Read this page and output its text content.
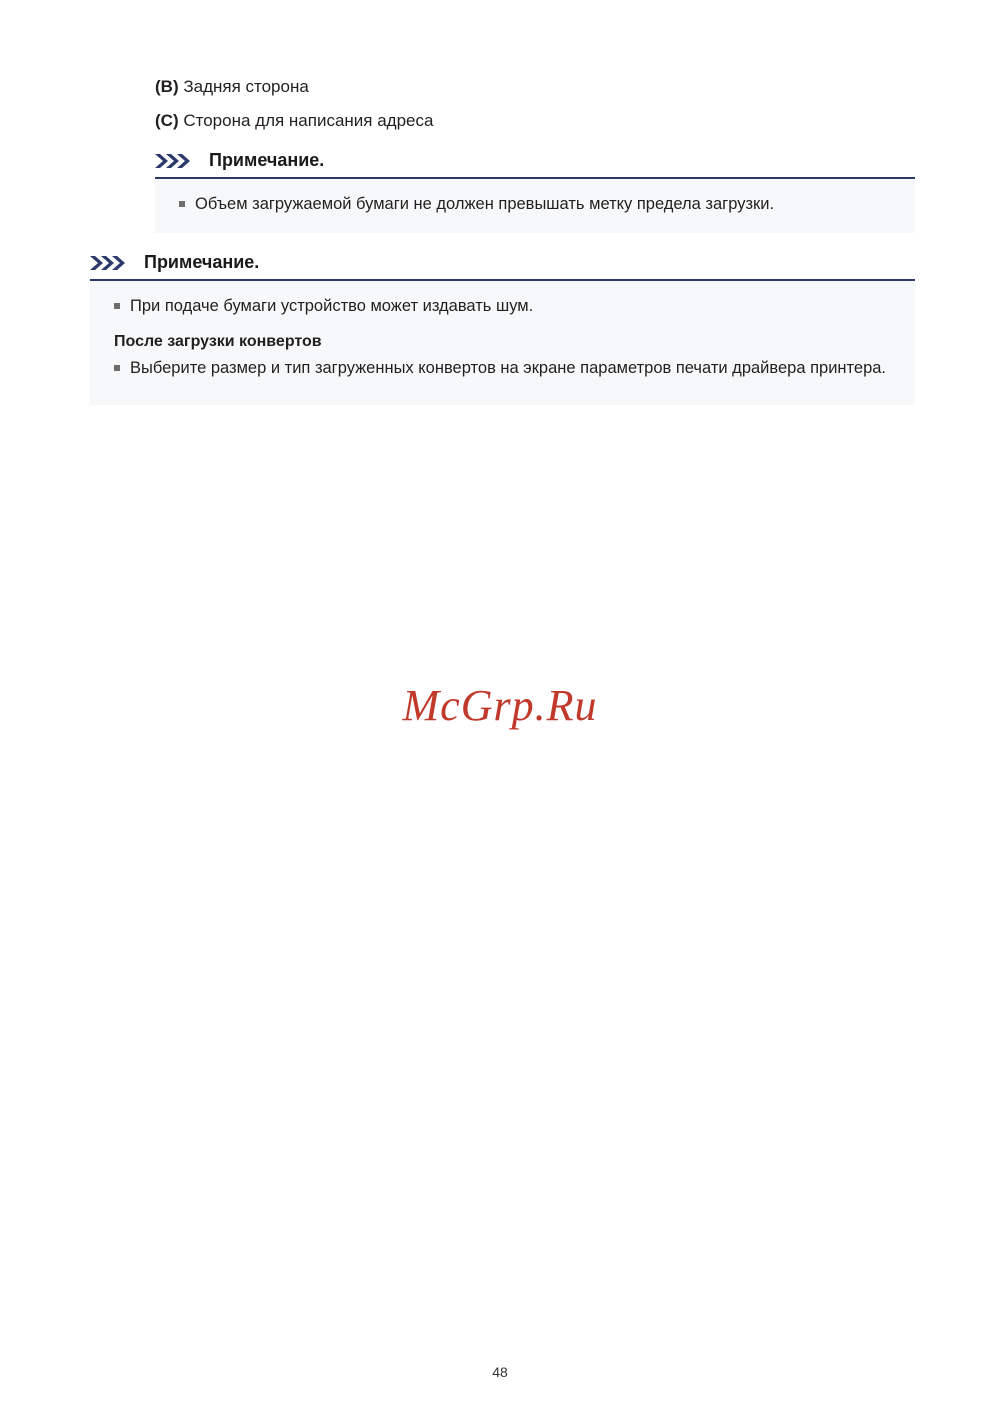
(B) Задняя сторона
(C) Сторона для написания адреса
Примечание.
Объем загружаемой бумаги не должен превышать метку предела загрузки.
Примечание.
При подаче бумаги устройство может издавать шум.
После загрузки конвертов
Выберите размер и тип загруженных конвертов на экране параметров печати драйвера принтера.
McGrp.Ru
48
